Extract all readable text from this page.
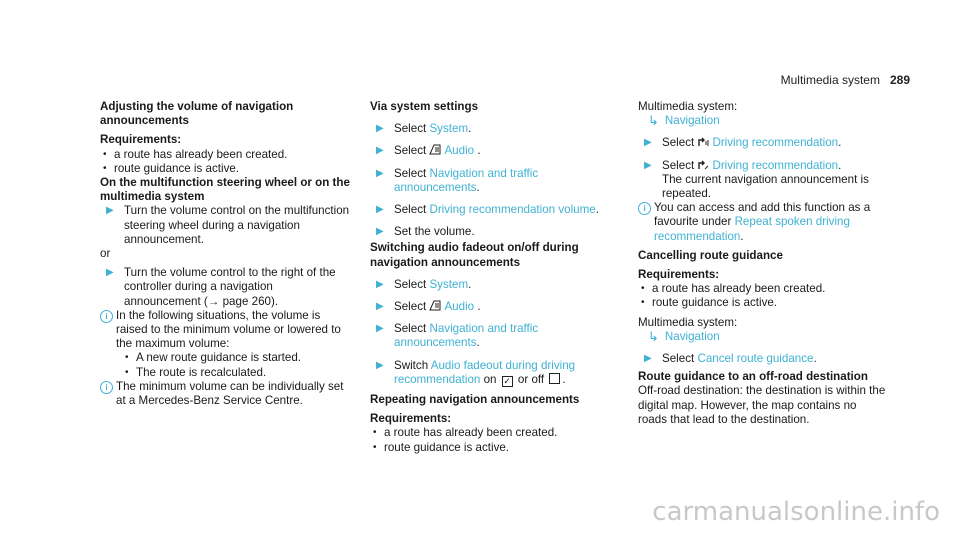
Multimedia system 289
Adjusting the volume of navigation announcements
Requirements:
• a route has already been created.
• route guidance is active.
On the multifunction steering wheel or on the multimedia system
▶ Turn the volume control on the multifunction steering wheel during a navigation announcement.
or
▶ Turn the volume control to the right of the controller during a navigation announcement (→ page 260).
i In the following situations, the volume is raised to the minimum volume or lowered to the maximum volume:
• A new route guidance is started.
• The route is recalculated.
i The minimum volume can be individually set at a Mercedes-Benz Service Centre.
Via system settings
▶ Select System.
▶ Select Audio .
▶ Select Navigation and traffic announcements.
▶ Select Driving recommendation volume.
▶ Set the volume.
Switching audio fadeout on/off during navigation announcements
▶ Select System.
▶ Select Audio .
▶ Select Navigation and traffic announcements.
▶ Switch Audio fadeout during driving recommendation on ✓ or off .
Repeating navigation announcements
Requirements:
• a route has already been created.
• route guidance is active.
Multimedia system:
↳ Navigation
▶ Select Driving recommendation.
▶ Select Driving recommendation.
The current navigation announcement is repeated.
i You can access and add this function as a favourite under Repeat spoken driving recommendation.
Cancelling route guidance
Requirements:
• a route has already been created.
• route guidance is active.
Multimedia system:
↳ Navigation
▶ Select Cancel route guidance.
Route guidance to an off-road destination
Off-road destination: the destination is within the digital map. However, the map contains no roads that lead to the destination.
carmanualsonline.info
